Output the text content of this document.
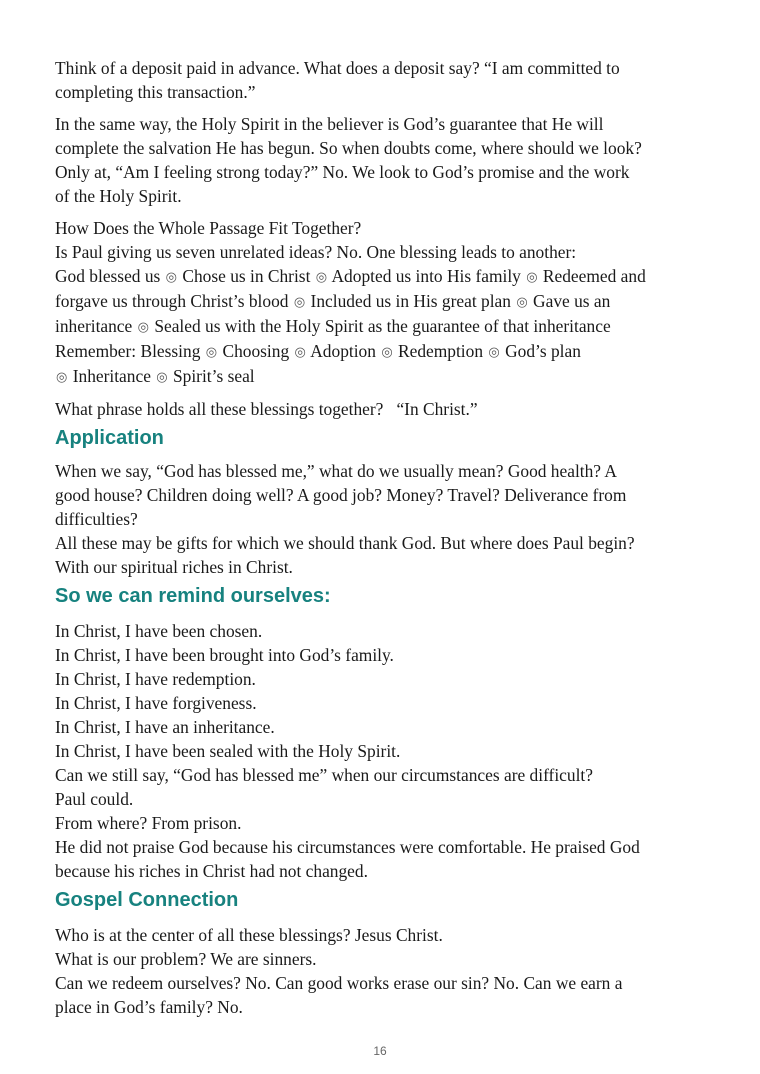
Think of a deposit paid in advance. What does a deposit say? “I am committed to
completing this transaction.”

In the same way, the Holy Spirit in the believer is God’s guarantee that He will
complete the salvation He has begun. So when doubts come, where should we look?
Only at, “Am I feeling strong today?” No. We look to God’s promise and the work
of the Holy Spirit.

How Does the Whole Passage Fit Together?
Is Paul giving us seven unrelated ideas? No. One blessing leads to another:
God blessed us ◎ Chose us in Christ ◎ Adopted us into His family ◎ Redeemed and
forgave us through Christ’s blood ◎ Included us in His great plan ◎ Gave us an
inheritance ◎ Sealed us with the Holy Spirit as the guarantee of that inheritance
Remember: Blessing ◎ Choosing ◎ Adoption ◎ Redemption ◎ God’s plan
◎ Inheritance ◎ Spirit’s seal

What phrase holds all these blessings together?   “In Christ.”

Application

When we say, “God has blessed me,” what do we usually mean? Good health? A
good house? Children doing well? A good job? Money? Travel? Deliverance from
difficulties?
All these may be gifts for which we should thank God. But where does Paul begin?
With our spiritual riches in Christ.

So we can remind ourselves:

In Christ, I have been chosen.
In Christ, I have been brought into God’s family.
In Christ, I have redemption.
In Christ, I have forgiveness.
In Christ, I have an inheritance.
In Christ, I have been sealed with the Holy Spirit.
Can we still say, “God has blessed me” when our circumstances are difficult?
Paul could.
From where? From prison.
He did not praise God because his circumstances were comfortable. He praised God
because his riches in Christ had not changed.

Gospel Connection

Who is at the center of all these blessings? Jesus Christ.
What is our problem? We are sinners.
Can we redeem ourselves? No. Can good works erase our sin? No. Can we earn a
place in God’s family? No.

16
